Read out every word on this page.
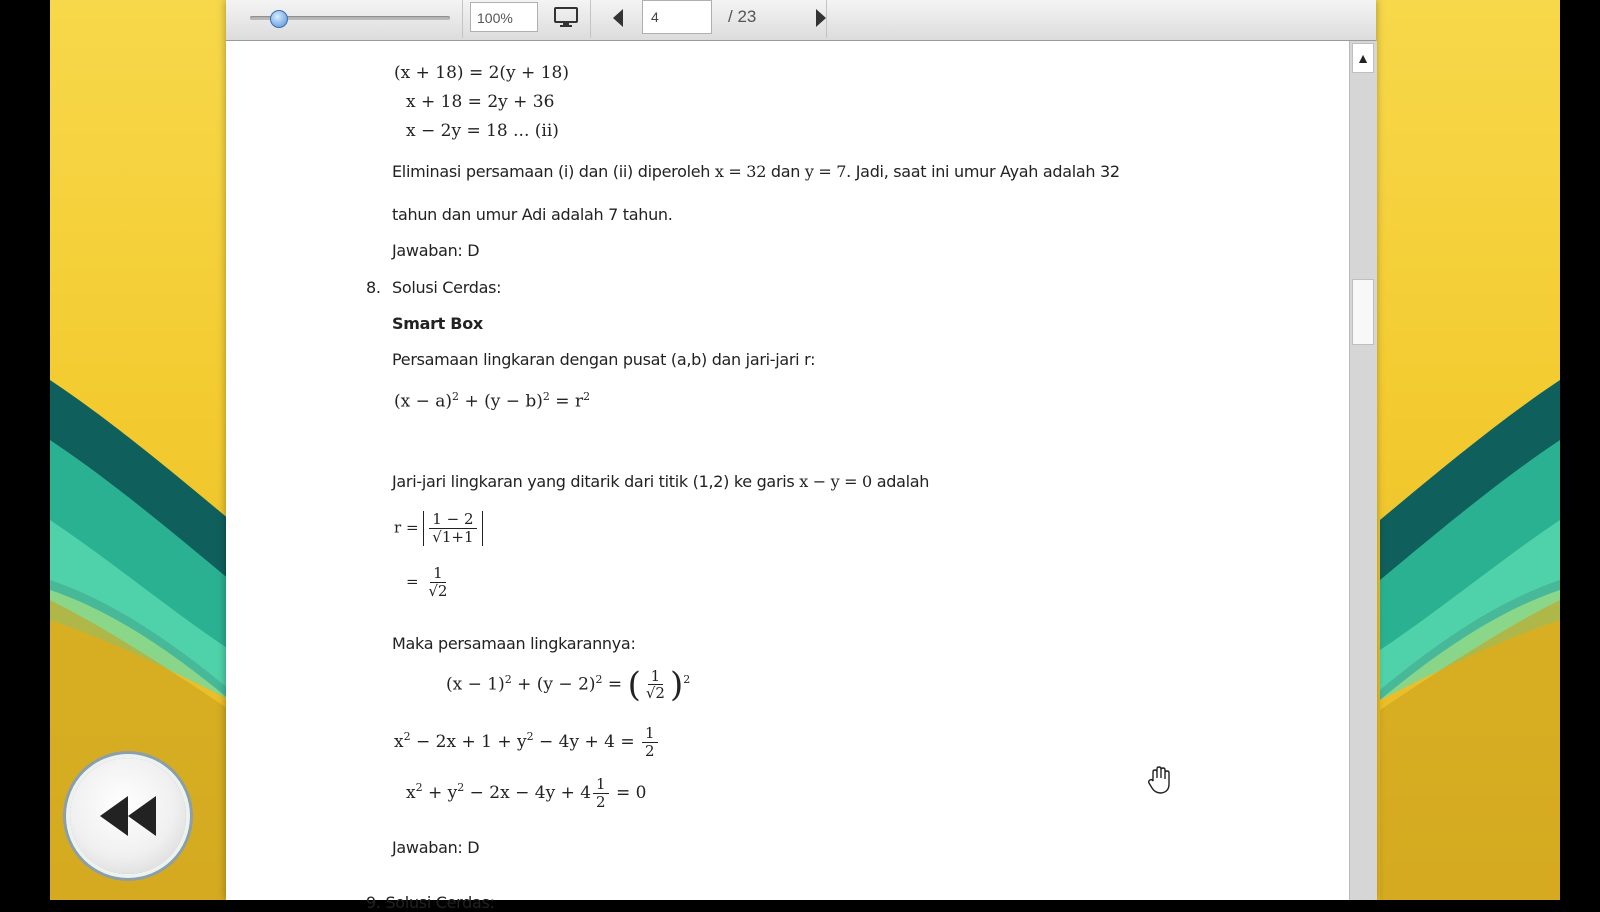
100%
4	/ 23
(x + 18) = 2(y + 18)
x + 18 = 2y + 36
x − 2y = 18 ... (ii)
Eliminasi persamaan (i) dan (ii) diperoleh x = 32 dan y = 7. Jadi, saat ini umur Ayah adalah 32
tahun dan umur Adi adalah 7 tahun.
Jawaban: D
8. Solusi Cerdas:
Smart Box
Persamaan lingkaran dengan pusat (a,b) dan jari-jari r:
$(x - a)^2 + (y - b)^2 = r^2$
Jari-jari lingkaran yang ditarik dari titik (1,2) ke garis x − y = 0 adalah
$r = \frac{1 - 2}{√1+1}$
= $\frac{1}{√2}$
Maka persamaan lingkarannya:
$(x - 1)^2 + (y - 2)^2$ = ( $\frac{1}{√2} )^2$
$x^2 - 2x + 1 + y^2 - 4y + 4 = \frac{1}{2}$
$x^2 + y^2 - 2x - 4y + 4 \frac{1}{2} = 0$
Jawaban: D
9. Solusi Cerdas:
▲
